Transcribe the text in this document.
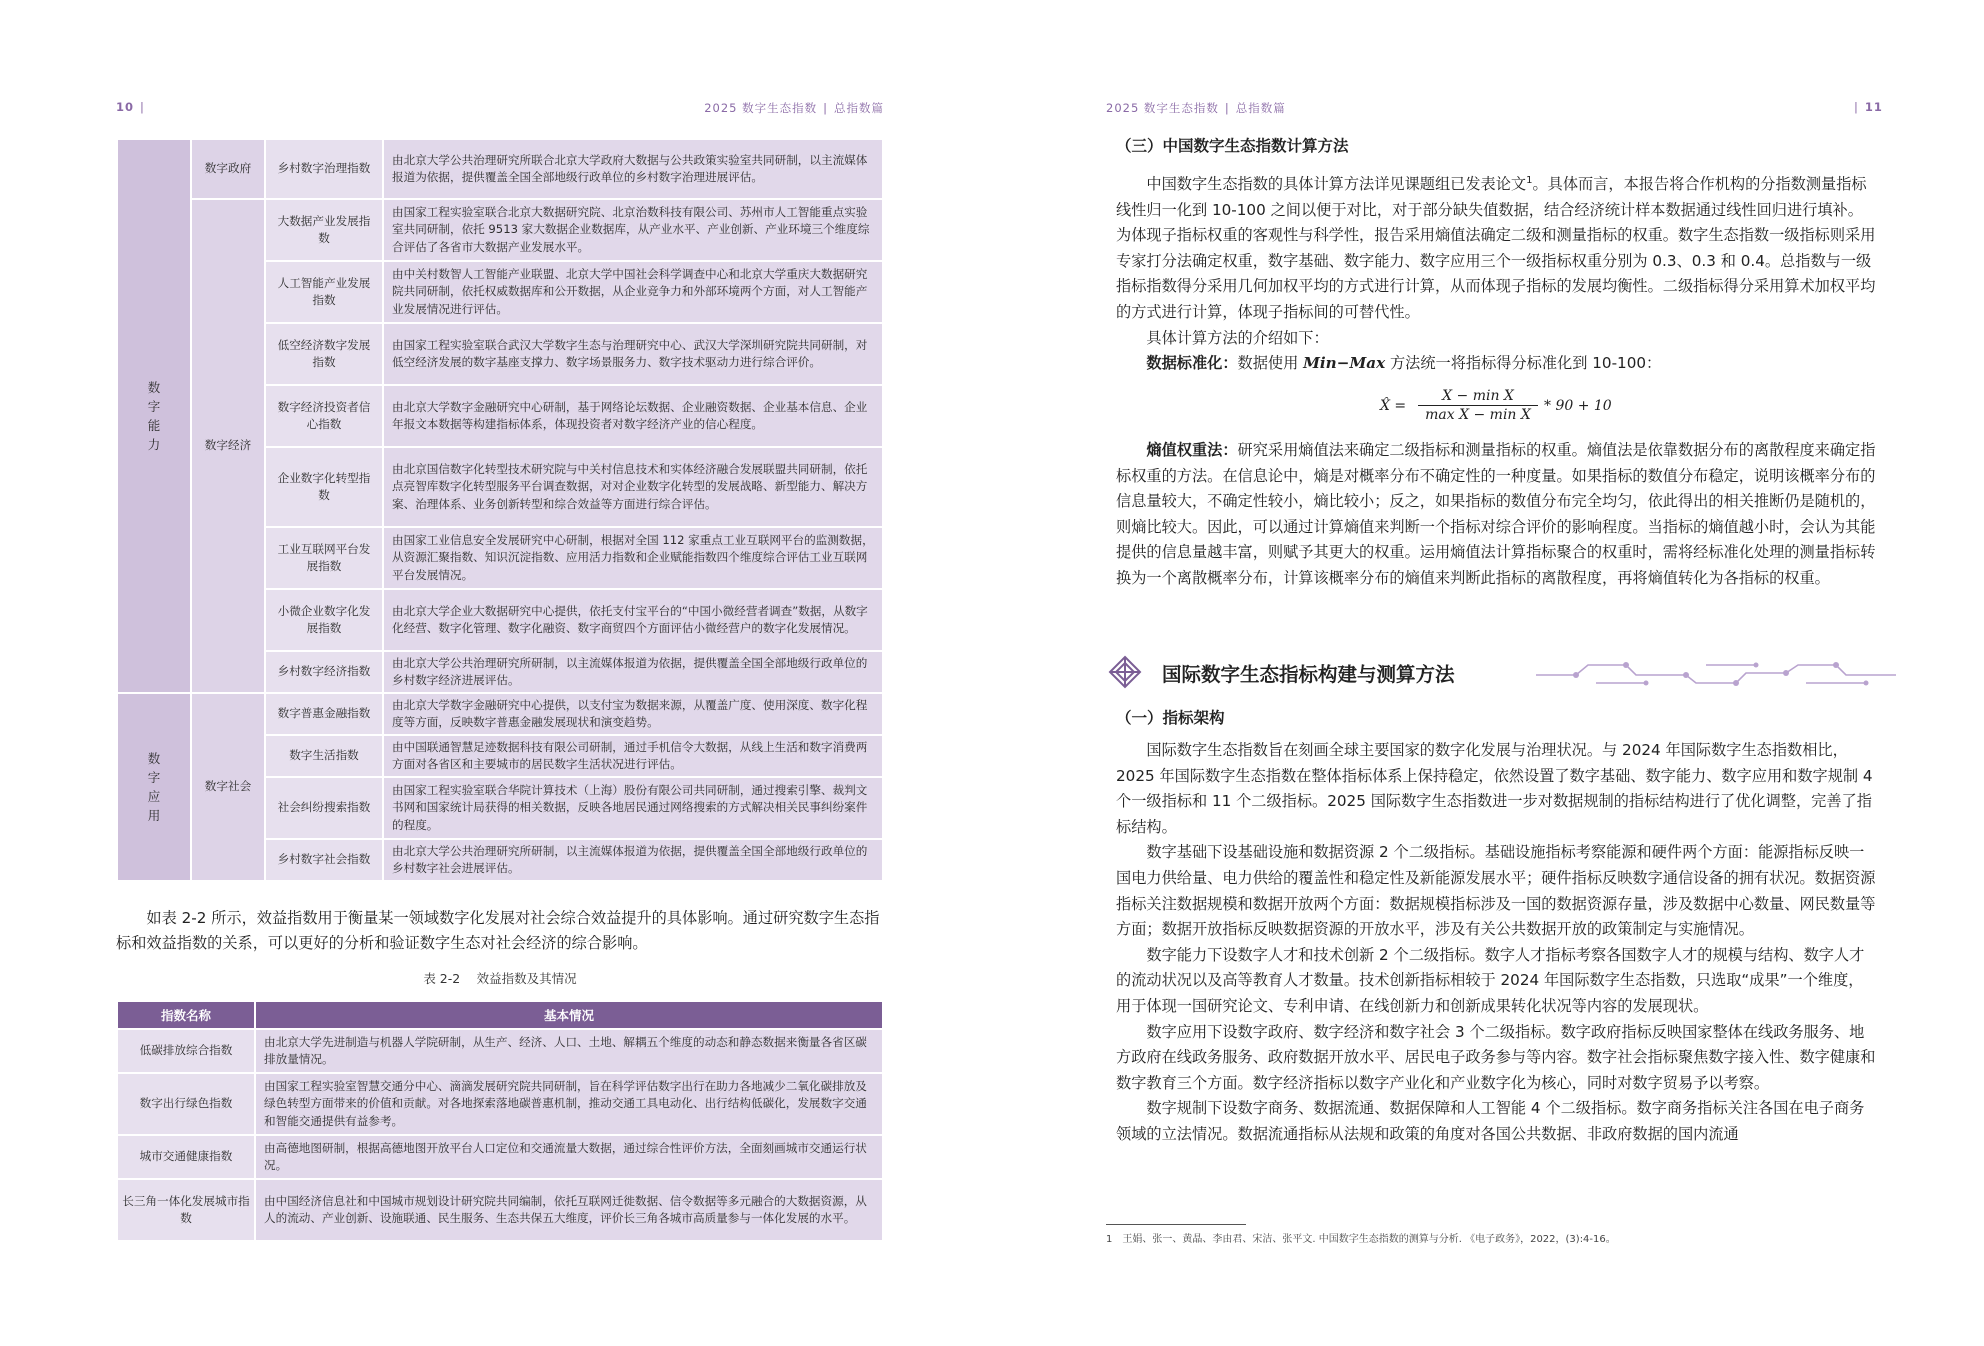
10 |	2025 数字生态指数 | 总指数篇
数字能力	数字政府	乡村数字治理指数	由北京大学公共治理研究所联合北京大学政府大数据与公共政策实验室共同研制，以主流媒体报道为依据，提供覆盖全国全部地级行政单位的乡村数字治理进展评估。
	数字经济	大数据产业发展指数	由国家工程实验室联合北京大数据研究院、北京治数科技有限公司、苏州市人工智能重点实验室共同研制，依托 9513 家大数据企业数据库，从产业水平、产业创新、产业环境三个维度综合评估了各省市大数据产业发展水平。
		人工智能产业发展指数	由中关村数智人工智能产业联盟、北京大学中国社会科学调查中心和北京大学重庆大数据研究院共同研制，依托权威数据库和公开数据，从企业竞争力和外部环境两个方面，对人工智能产业发展情况进行评估。
		低空经济数字发展指数	由国家工程实验室联合武汉大学数字生态与治理研究中心、武汉大学深圳研究院共同研制，对低空经济发展的数字基座支撑力、数字场景服务力、数字技术驱动力进行综合评价。
		数字经济投资者信心指数	由北京大学数字金融研究中心研制，基于网络论坛数据、企业融资数据、企业基本信息、企业年报文本数据等构建指标体系，体现投资者对数字经济产业的信心程度。
		企业数字化转型指数	由北京国信数字化转型技术研究院与中关村信息技术和实体经济融合发展联盟共同研制，依托点亮智库数字化转型服务平台调查数据，对对企业数字化转型的发展战略、新型能力、解决方案、治理体系、业务创新转型和综合效益等方面进行综合评估。
		工业互联网平台发展指数	由国家工业信息安全发展研究中心研制，根据对全国 112 家重点工业互联网平台的监测数据，从资源汇聚指数、知识沉淀指数、应用活力指数和企业赋能指数四个维度综合评估工业互联网平台发展情况。
		小微企业数字化发展指数	由北京大学企业大数据研究中心提供，依托支付宝平台的“中国小微经营者调查”数据，从数字化经营、数字化管理、数字化融资、数字商贸四个方面评估小微经营户的数字化发展情况。
		乡村数字经济指数	由北京大学公共治理研究所研制，以主流媒体报道为依据，提供覆盖全国全部地级行政单位的乡村数字经济进展评估。

数字应用	数字社会	数字普惠金融指数	由北京大学数字金融研究中心提供，以支付宝为数据来源，从覆盖广度、使用深度、数字化程度等方面，反映数字普惠金融发展现状和演变趋势。
		数字生活指数	由中国联通智慧足迹数据科技有限公司研制，通过手机信令大数据，从线上生活和数字消费两方面对各省区和主要城市的居民数字生活状况进行评估。
		社会纠纷搜索指数	由国家工程实验室联合华院计算技术（上海）股份有限公司共同研制，通过搜索引擎、裁判文书网和国家统计局获得的相关数据，反映各地居民通过网络搜索的方式解决相关民事纠纷案件的程度。
		乡村数字社会指数	由北京大学公共治理研究所研制，以主流媒体报道为依据，提供覆盖全国全部地级行政单位的乡村数字社会进展评估。
如表 2-2 所示，效益指数用于衡量某一领域数字化发展对社会综合效益提升的具体影响。通过研究数字生态指标和效益指数的关系，可以更好的分析和验证数字生态对社会经济的综合影响。
表 2-2　 效益指数及其情况
指数名称	基本情况
低碳排放综合指数	由北京大学先进制造与机器人学院研制，从生产、经济、人口、土地、解耦五个维度的动态和静态数据来衡量各省区碳排放量情况。
数字出行绿色指数	由国家工程实验室智慧交通分中心、滴滴发展研究院共同研制，旨在科学评估数字出行在助力各地减少二氧化碳排放及绿色转型方面带来的价值和贡献。对各地探索落地碳普惠机制，推动交通工具电动化、出行结构低碳化，发展数字交通和智能交通提供有益参考。
城市交通健康指数	由高德地图研制，根据高德地图开放平台人口定位和交通流量大数据，通过综合性评价方法，全面刻画城市交通运行状况。
长三角一体化发展城市指数	由中国经济信息社和中国城市规划设计研究院共同编制，依托互联网迁徙数据、信令数据等多元融合的大数据资源，从人的流动、产业创新、设施联通、民生服务、生态共保五大维度，评价长三角各城市高质量参与一体化发展的水平。
2025 数字生态指数 | 总指数篇	| 11
（三）中国数字生态指数计算方法

中国数字生态指数的具体计算方法详见课题组已发表论文$^1$。具体而言，本报告将合作机构的分指数测量指标线性归一化到 10-100 之间以便于对比，对于部分缺失值数据，结合经济统计样本数据通过线性回归进行填补。为体现子指标权重的客观性与科学性，报告采用熵值法确定二级和测量指标的权重。数字生态指数一级指标则采用专家打分法确定权重，数字基础、数字能力、数字应用三个一级指标权重分别为 0.3、0.3 和 0.4。总指数与一级指标指数得分采用几何加权平均的方式进行计算，从而体现子指标的发展均衡性。二级指标得分采用算术加权平均的方式进行计算，体现子指标间的可替代性。

具体计算方法的介绍如下：

数据标准化：数据使用 Min−Max 方法统一将指标得分标准化到 10-100：

X̂ =
X − min X
max X − min X
* 90 + 10

熵值权重法：研究采用熵值法来确定二级指标和测量指标的权重。熵值法是依靠数据分布的离散程度来确定指标权重的方法。在信息论中，熵是对概率分布不确定性的一种度量。如果指标的数值分布稳定，说明该概率分布的信息量较大，不确定性较小，熵比较小；反之，如果指标的数值分布完全均匀，依此得出的相关推断仍是随机的，则熵比较大。因此，可以通过计算熵值来判断一个指标对综合评价的影响程度。当指标的熵值越小时，会认为其能提供的信息量越丰富，则赋予其更大的权重。运用熵值法计算指标聚合的权重时，需将经标准化处理的测量指标转换为一个离散概率分布，计算该概率分布的熵值来判断此指标的离散程度，再将熵值转化为各指标的权重。

国际数字生态指标构建与测算方法
（一）指标架构

国际数字生态指数旨在刻画全球主要国家的数字化发展与治理状况。与 2024 年国际数字生态指数相比，2025 年国际数字生态指数在整体指标体系上保持稳定，依然设置了数字基础、数字能力、数字应用和数字规制 4 个一级指标和 11 个二级指标。2025 国际数字生态指数进一步对数据规制的指标结构进行了优化调整，完善了指标结构。

数字基础下设基础设施和数据资源 2 个二级指标。基础设施指标考察能源和硬件两个方面：能源指标反映一国电力供给量、电力供给的覆盖性和稳定性及新能源发展水平；硬件指标反映数字通信设备的拥有状况。数据资源指标关注数据规模和数据开放两个方面：数据规模指标涉及一国的数据资源存量，涉及数据中心数量、网民数量等方面；数据开放指标反映数据资源的开放水平，涉及有关公共数据开放的政策制定与实施情况。

数字能力下设数字人才和技术创新 2 个二级指标。数字人才指标考察各国数字人才的规模与结构、数字人才的流动状况以及高等教育人才数量。技术创新指标相较于 2024 年国际数字生态指数，只选取“成果”一个维度，用于体现一国研究论文、专利申请、在线创新力和创新成果转化状况等内容的发展现状。

数字应用下设数字政府、数字经济和数字社会 3 个二级指标。数字政府指标反映国家整体在线政务服务、地方政府在线政务服务、政府数据开放水平、居民电子政务参与等内容。数字社会指标聚焦数字接入性、数字健康和数字教育三个方面。数字经济指标以数字产业化和产业数字化为核心，同时对数字贸易予以考察。

数字规制下设数字商务、数据流通、数据保障和人工智能 4 个二级指标。数字商务指标关注各国在电子商务领域的立法情况。数据流通指标从法规和政策的角度对各国公共数据、非政府数据的国内流通

1　王娟、张一、黄晶、李由君、宋洁、张平文. 中国数字生态指数的测算与分析. 《电子政务》，2022，(3):4-16。
